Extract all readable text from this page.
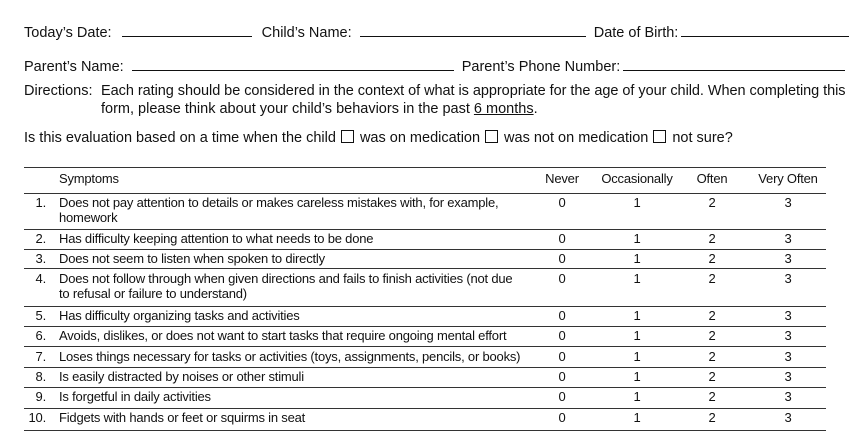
Today’s Date:	Child’s Name:	Date of Birth:
Parent’s Name:	Parent’s Phone Number:
Directions: Each rating should be considered in the context of what is appropriate for the age of your child. When completing this
form, please think about your child’s behaviors in the past 6 months.
Is this evaluation based on a time when the child was on medication was not on medication not sure?
Symptoms	Never	Occasionally	Often	Very Often
1. Does not pay attention to details or makes careless mistakes with, for example,
homework
0	1	2	3
2. Has difficulty keeping attention to what needs to be done	0	1	2	3
3. Does not seem to listen when spoken to directly	0	1	2	3
4. Does not follow through when given directions and fails to finish activities (not due
to refusal or failure to understand)
0	1	2	3
5. Has difficulty organizing tasks and activities	0	1	2	3
6. Avoids, dislikes, or does not want to start tasks that require ongoing mental effort	0	1	2	3
7. Loses things necessary for tasks or activities (toys, assignments, pencils, or books)	0	1	2	3
8. Is easily distracted by noises or other stimuli	0	1	2	3
9. Is forgetful in daily activities	0	1	2	3
10. Fidgets with hands or feet or squirms in seat	0	1	2	3
